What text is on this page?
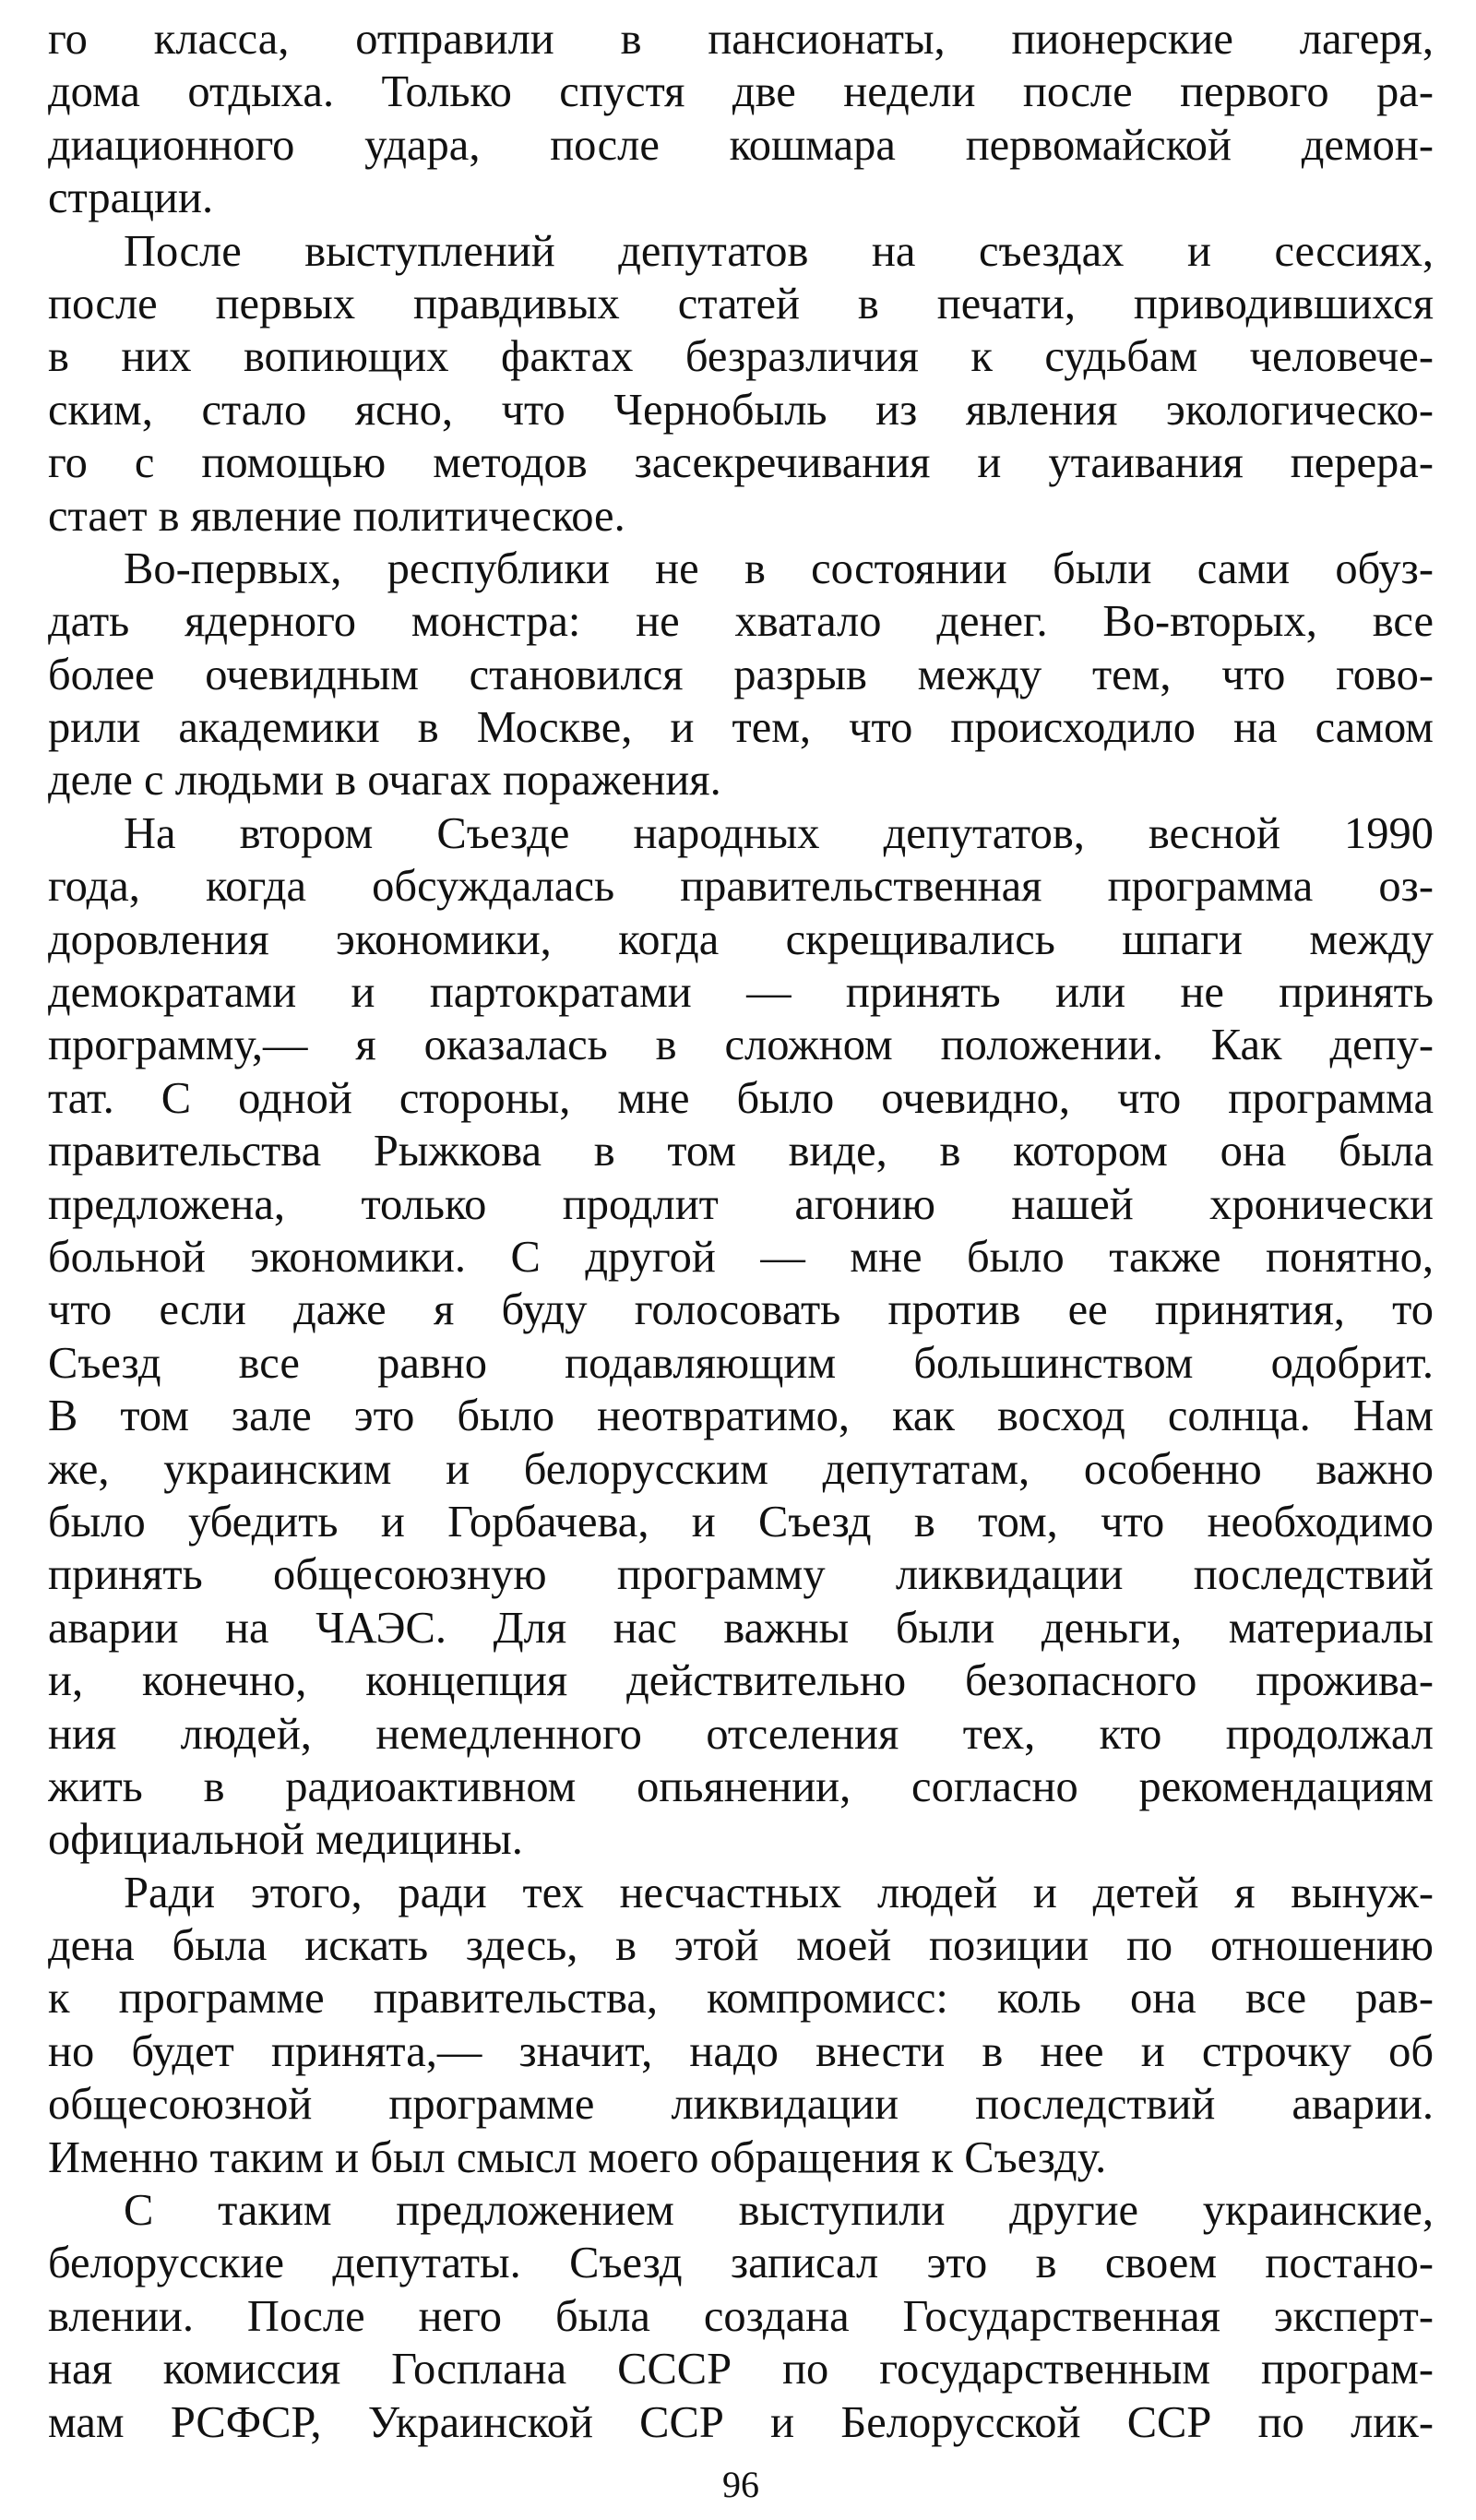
го класса, отправили в пансионаты, пионерские лагеря,
дома отдыха. Только спустя две недели после первого ра-
диационного удара, после кошмара первомайской демон-
страции.
После выступлений депутатов на съездах и сессиях,
после первых правдивых статей в печати, приводившихся
в них вопиющих фактах безразличия к судьбам человече-
ским, стало ясно, что Чернобыль из явления экологическо-
го с помощью методов засекречивания и утаивания перера-
стает в явление политическое.
Во-первых, республики не в состоянии были сами обуз-
дать ядерного монстра: не хватало денег. Во-вторых, все
более очевидным становился разрыв между тем, что гово-
рили академики в Москве, и тем, что происходило на самом
деле с людьми в очагах поражения.
На втором Съезде народных депутатов, весной 1990
года, когда обсуждалась правительственная программа оз-
доровления экономики, когда скрещивались шпаги между
демократами и партократами — принять или не принять
программу,— я оказалась в сложном положении. Как депу-
тат. С одной стороны, мне было очевидно, что программа
правительства Рыжкова в том виде, в котором она была
предложена, только продлит агонию нашей хронически
больной экономики. С другой — мне было также понятно,
что если даже я буду голосовать против ее принятия, то
Съезд все равно подавляющим большинством одобрит.
В том зале это было неотвратимо, как восход солнца. Нам
же, украинским и белорусским депутатам, особенно важно
было убедить и Горбачева, и Съезд в том, что необходимо
принять общесоюзную программу ликвидации последствий
аварии на ЧАЭС. Для нас важны были деньги, материалы
и, конечно, концепция действительно безопасного прожива-
ния людей, немедленного отселения тех, кто продолжал
жить в радиоактивном опьянении, согласно рекомендациям
официальной медицины.
Ради этого, ради тех несчастных людей и детей я вынуж-
дена была искать здесь, в этой моей позиции по отношению
к программе правительства, компромисс: коль она все рав-
но будет принята,— значит, надо внести в нее и строчку об
общесоюзной программе ликвидации последствий аварии.
Именно таким и был смысл моего обращения к Съезду.
С таким предложением выступили другие украинские,
белорусские депутаты. Съезд записал это в своем постано-
влении. После него была создана Государственная эксперт-
ная комиссия Госплана СССР по государственным програм-
мам РСФСР, Украинской ССР и Белорусской ССР по лик-
96
